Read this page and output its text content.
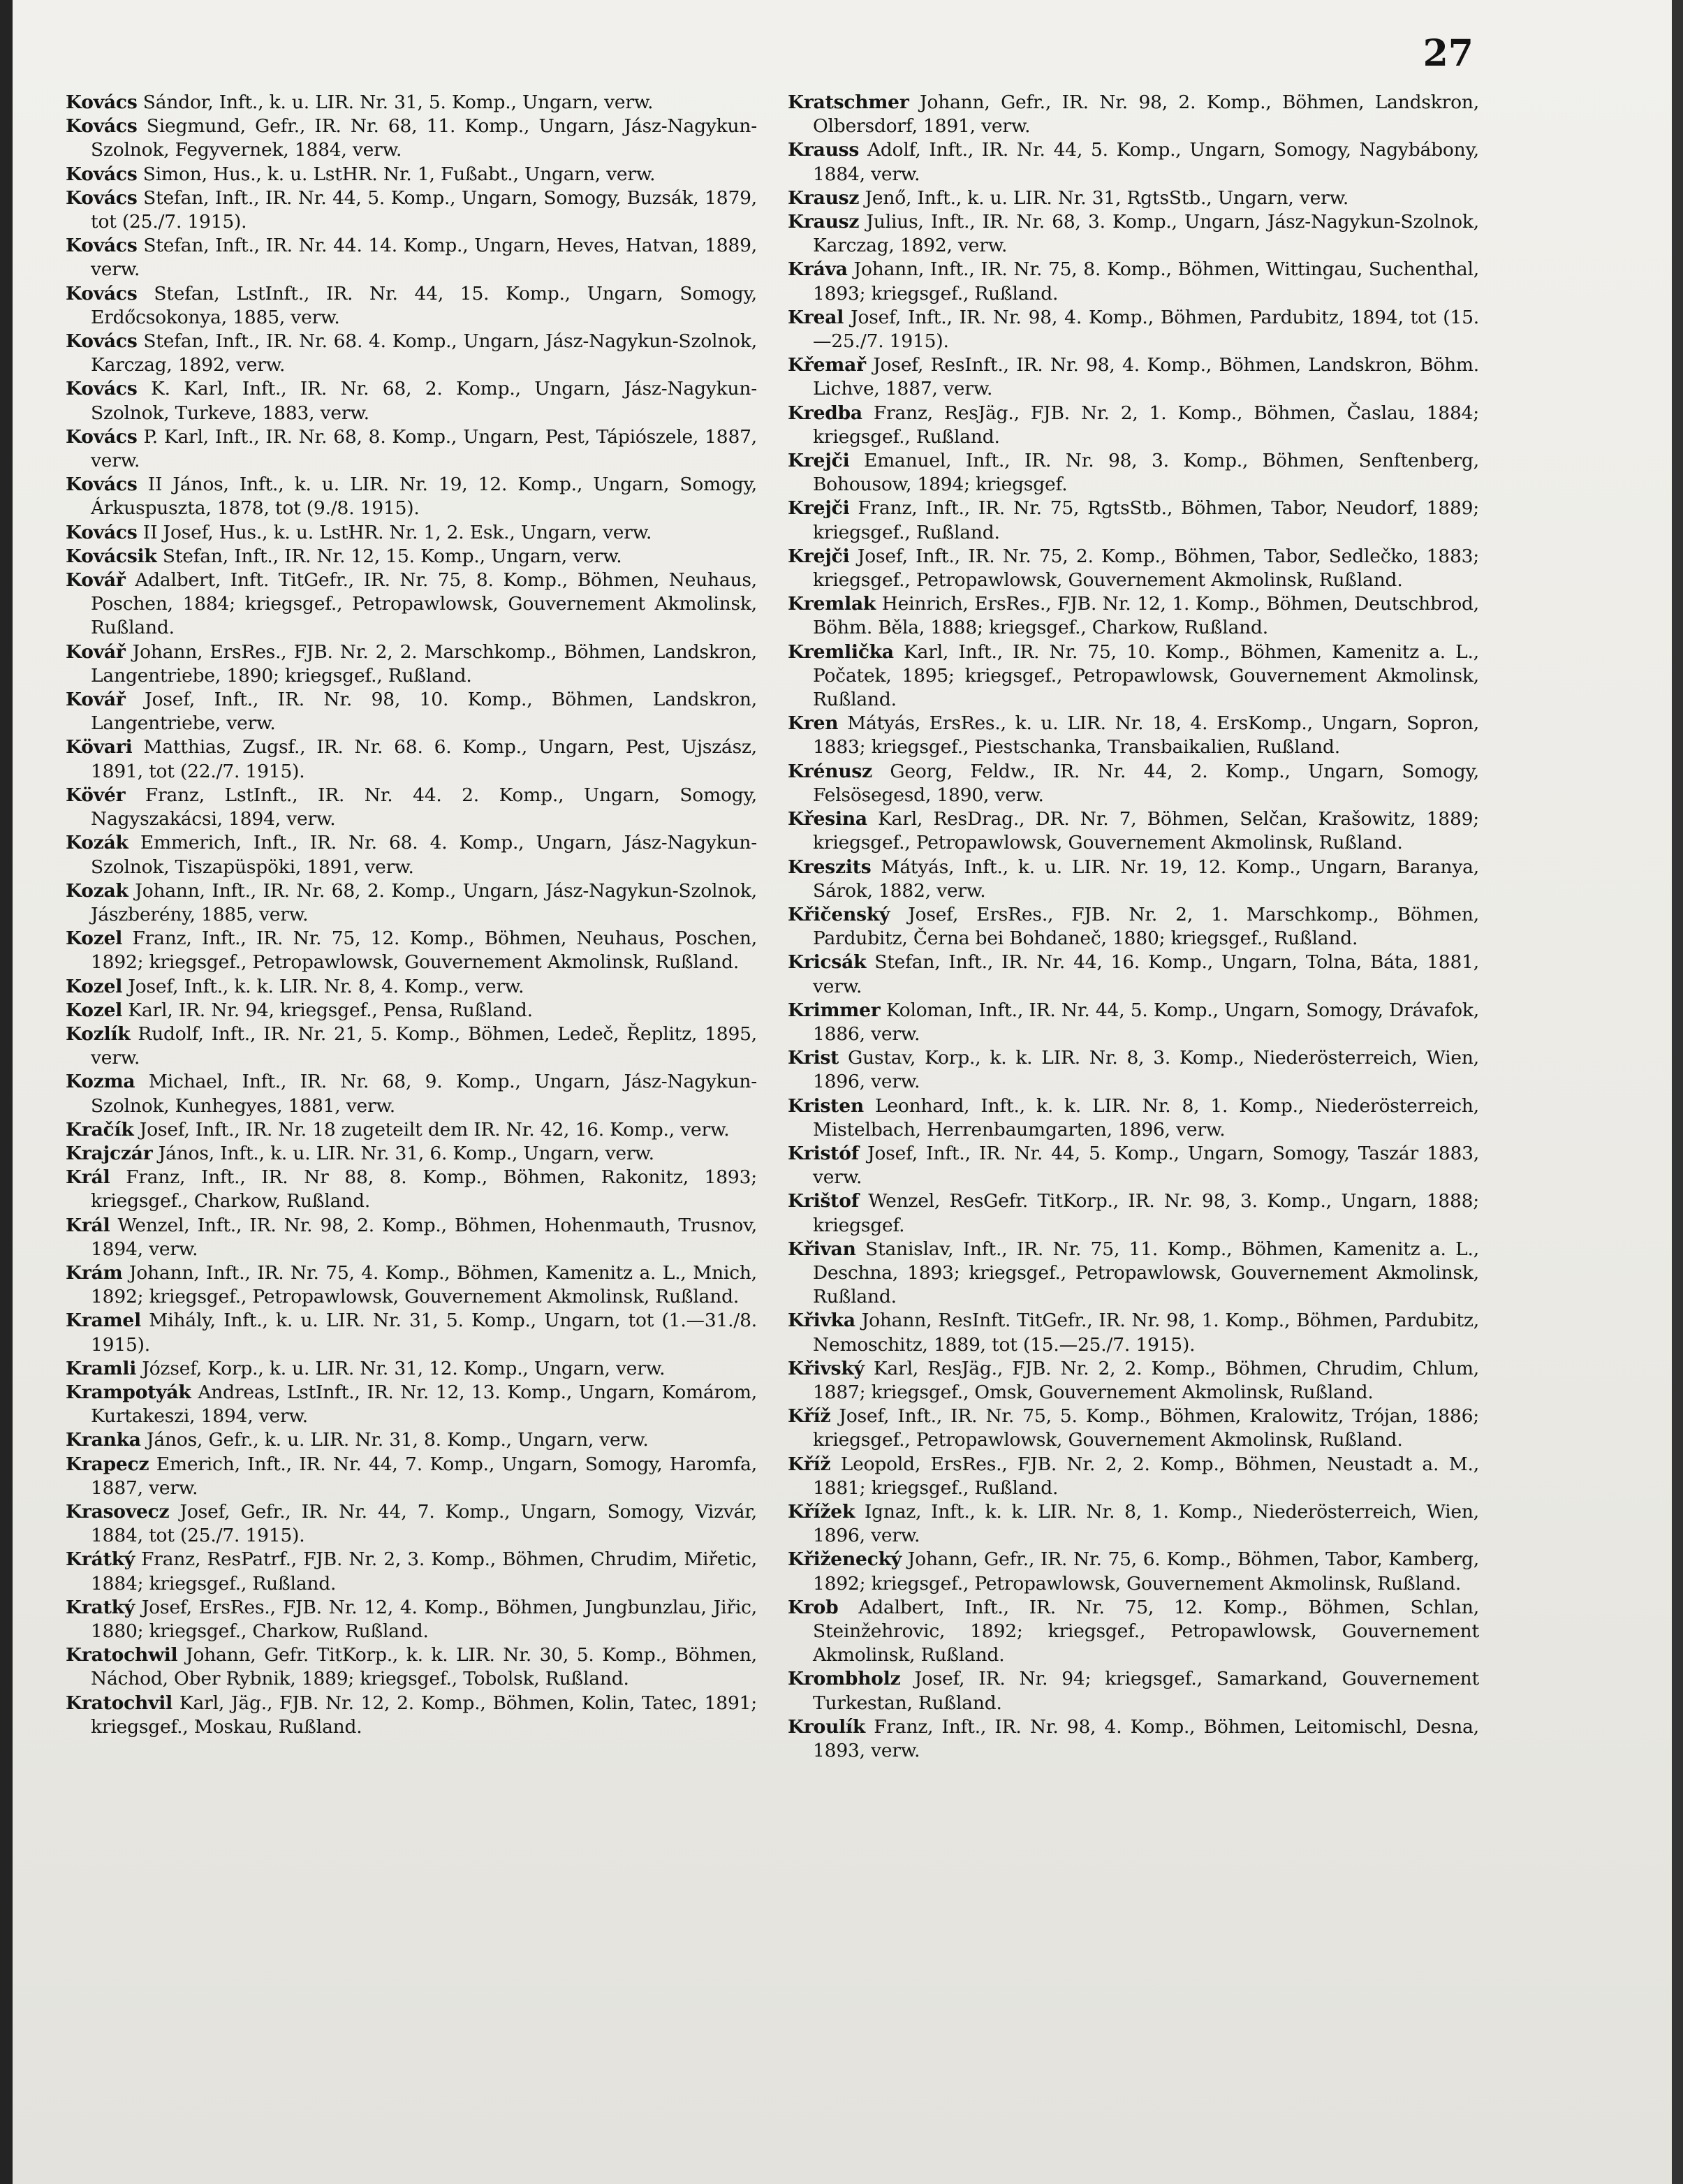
27

Kovács Sándor, Inft., k. u. LIR. Nr. 31, 5. Komp., Ungarn, verw.

Kovács Siegmund, Gefr., IR. Nr. 68, 11. Komp., Ungarn, Jász-Nagykun-Szolnok, Fegyvernek, 1884, verw.

Kovács Simon, Hus., k. u. LstHR. Nr. 1, Fußabt., Ungarn, verw.

Kovács Stefan, Inft., IR. Nr. 44, 5. Komp., Ungarn, Somogy, Buzsák, 1879, tot (25./7. 1915).

Kovács Stefan, Inft., IR. Nr. 44. 14. Komp., Ungarn, Heves, Hatvan, 1889, verw.

Kovács Stefan, LstInft., IR. Nr. 44, 15. Komp., Ungarn, Somogy, Erdőcsokonya, 1885, verw.

Kovács Stefan, Inft., IR. Nr. 68. 4. Komp., Ungarn, Jász-Nagykun-Szolnok, Karczag, 1892, verw.

Kovács K. Karl, Inft., IR. Nr. 68, 2. Komp., Ungarn, Jász-Nagykun-Szolnok, Turkeve, 1883, verw.

Kovács P. Karl, Inft., IR. Nr. 68, 8. Komp., Ungarn, Pest, Tápiószele, 1887, verw.

Kovács II János, Inft., k. u. LIR. Nr. 19, 12. Komp., Ungarn, Somogy, Árkuspuszta, 1878, tot (9./8. 1915).

Kovács II Josef, Hus., k. u. LstHR. Nr. 1, 2. Esk., Ungarn, verw.

Kovácsik Stefan, Inft., IR. Nr. 12, 15. Komp., Ungarn, verw.

Kovář Adalbert, Inft. TitGefr., IR. Nr. 75, 8. Komp., Böhmen, Neuhaus, Poschen, 1884; kriegsgef., Petropawlowsk, Gouvernement Akmolinsk, Rußland.

Kovář Johann, ErsRes., FJB. Nr. 2, 2. Marschkomp., Böhmen, Landskron, Langentriebe, 1890; kriegsgef., Rußland.

Kovář Josef, Inft., IR. Nr. 98, 10. Komp., Böhmen, Landskron, Langentriebe, verw.

Kövari Matthias, Zugsf., IR. Nr. 68. 6. Komp., Ungarn, Pest, Ujszász, 1891, tot (22./7. 1915).

Kövér Franz, LstInft., IR. Nr. 44. 2. Komp., Ungarn, Somogy, Nagyszakácsi, 1894, verw.

Kozák Emmerich, Inft., IR. Nr. 68. 4. Komp., Ungarn, Jász-Nagykun-Szolnok, Tiszapüspöki, 1891, verw.

Kozak Johann, Inft., IR. Nr. 68, 2. Komp., Ungarn, Jász-Nagykun-Szolnok, Jászberény, 1885, verw.

Kozel Franz, Inft., IR. Nr. 75, 12. Komp., Böhmen, Neuhaus, Poschen, 1892; kriegsgef., Petropawlowsk, Gouvernement Akmolinsk, Rußland.

Kozel Josef, Inft., k. k. LIR. Nr. 8, 4. Komp., verw.

Kozel Karl, IR. Nr. 94, kriegsgef., Pensa, Rußland.

Kozlík Rudolf, Inft., IR. Nr. 21, 5. Komp., Böhmen, Ledeč, Řeplitz, 1895, verw.

Kozma Michael, Inft., IR. Nr. 68, 9. Komp., Ungarn, Jász-Nagykun-Szolnok, Kunhegyes, 1881, verw.

Kračík Josef, Inft., IR. Nr. 18 zugeteilt dem IR. Nr. 42, 16. Komp., verw.

Krajczár János, Inft., k. u. LIR. Nr. 31, 6. Komp., Ungarn, verw.

Král Franz, Inft., IR. Nr 88, 8. Komp., Böhmen, Rakonitz, 1893; kriegsgef., Charkow, Rußland.

Král Wenzel, Inft., IR. Nr. 98, 2. Komp., Böhmen, Hohenmauth, Trusnov, 1894, verw.

Krám Johann, Inft., IR. Nr. 75, 4. Komp., Böhmen, Kamenitz a. L., Mnich, 1892; kriegsgef., Petropawlowsk, Gouvernement Akmolinsk, Rußland.

Kramel Mihály, Inft., k. u. LIR. Nr. 31, 5. Komp., Ungarn, tot (1.—31./8. 1915).

Kramli József, Korp., k. u. LIR. Nr. 31, 12. Komp., Ungarn, verw.

Krampotyák Andreas, LstInft., IR. Nr. 12, 13. Komp., Ungarn, Komárom, Kurtakeszi, 1894, verw.

Kranka János, Gefr., k. u. LIR. Nr. 31, 8. Komp., Ungarn, verw.

Krapecz Emerich, Inft., IR. Nr. 44, 7. Komp., Ungarn, Somogy, Haromfa, 1887, verw.

Krasovecz Josef, Gefr., IR. Nr. 44, 7. Komp., Ungarn, Somogy, Vizvár, 1884, tot (25./7. 1915).

Krátký Franz, ResPatrf., FJB. Nr. 2, 3. Komp., Böhmen, Chrudim, Miřetic, 1884; kriegsgef., Rußland.

Kratký Josef, ErsRes., FJB. Nr. 12, 4. Komp., Böhmen, Jungbunzlau, Jiřic, 1880; kriegsgef., Charkow, Rußland.

Kratochwil Johann, Gefr. TitKorp., k. k. LIR. Nr. 30, 5. Komp., Böhmen, Náchod, Ober Rybnik, 1889; kriegsgef., Tobolsk, Rußland.

Kratochvil Karl, Jäg., FJB. Nr. 12, 2. Komp., Böhmen, Kolin, Tatec, 1891; kriegsgef., Moskau, Rußland.

Kratschmer Johann, Gefr., IR. Nr. 98, 2. Komp., Böhmen, Landskron, Olbersdorf, 1891, verw.

Krauss Adolf, Inft., IR. Nr. 44, 5. Komp., Ungarn, Somogy, Nagybábony, 1884, verw.

Krausz Jenő, Inft., k. u. LIR. Nr. 31, RgtsStb., Ungarn, verw.

Krausz Julius, Inft., IR. Nr. 68, 3. Komp., Ungarn, Jász-Nagykun-Szolnok, Karczag, 1892, verw.

Kráva Johann, Inft., IR. Nr. 75, 8. Komp., Böhmen, Wittingau, Suchenthal, 1893; kriegsgef., Rußland.

Kreal Josef, Inft., IR. Nr. 98, 4. Komp., Böhmen, Pardubitz, 1894, tot (15.—25./7. 1915).

Křemař Josef, ResInft., IR. Nr. 98, 4. Komp., Böhmen, Landskron, Böhm. Lichve, 1887, verw.

Kredba Franz, ResJäg., FJB. Nr. 2, 1. Komp., Böhmen, Časlau, 1884; kriegsgef., Rußland.

Krejči Emanuel, Inft., IR. Nr. 98, 3. Komp., Böhmen, Senftenberg, Bohousow, 1894; kriegsgef.

Krejči Franz, Inft., IR. Nr. 75, RgtsStb., Böhmen, Tabor, Neudorf, 1889; kriegsgef., Rußland.

Krejči Josef, Inft., IR. Nr. 75, 2. Komp., Böhmen, Tabor, Sedlečko, 1883; kriegsgef., Petropawlowsk, Gouvernement Akmolinsk, Rußland.

Kremlak Heinrich, ErsRes., FJB. Nr. 12, 1. Komp., Böhmen, Deutschbrod, Böhm. Běla, 1888; kriegsgef., Charkow, Rußland.

Kremlička Karl, Inft., IR. Nr. 75, 10. Komp., Böhmen, Kamenitz a. L., Počatek, 1895; kriegsgef., Petropawlowsk, Gouvernement Akmolinsk, Rußland.

Kren Mátyás, ErsRes., k. u. LIR. Nr. 18, 4. ErsKomp., Ungarn, Sopron, 1883; kriegsgef., Piestschanka, Transbaikalien, Rußland.

Krénusz Georg, Feldw., IR. Nr. 44, 2. Komp., Ungarn, Somogy, Felsösegesd, 1890, verw.

Křesina Karl, ResDrag., DR. Nr. 7, Böhmen, Selčan, Krašowitz, 1889; kriegsgef., Petropawlowsk, Gouvernement Akmolinsk, Rußland.

Kreszits Mátyás, Inft., k. u. LIR. Nr. 19, 12. Komp., Ungarn, Baranya, Sárok, 1882, verw.

Křičenský Josef, ErsRes., FJB. Nr. 2, 1. Marschkomp., Böhmen, Pardubitz, Černa bei Bohdaneč, 1880; kriegsgef., Rußland.

Kricsák Stefan, Inft., IR. Nr. 44, 16. Komp., Ungarn, Tolna, Báta, 1881, verw.

Krimmer Koloman, Inft., IR. Nr. 44, 5. Komp., Ungarn, Somogy, Drávafok, 1886, verw.

Krist Gustav, Korp., k. k. LIR. Nr. 8, 3. Komp., Niederösterreich, Wien, 1896, verw.

Kristen Leonhard, Inft., k. k. LIR. Nr. 8, 1. Komp., Niederösterreich, Mistelbach, Herrenbaumgarten, 1896, verw.

Kristóf Josef, Inft., IR. Nr. 44, 5. Komp., Ungarn, Somogy, Taszár 1883, verw.

Krištof Wenzel, ResGefr. TitKorp., IR. Nr. 98, 3. Komp., Ungarn, 1888; kriegsgef.

Křivan Stanislav, Inft., IR. Nr. 75, 11. Komp., Böhmen, Kamenitz a. L., Deschna, 1893; kriegsgef., Petropawlowsk, Gouvernement Akmolinsk, Rußland.

Křivka Johann, ResInft. TitGefr., IR. Nr. 98, 1. Komp., Böhmen, Pardubitz, Nemoschitz, 1889, tot (15.—25./7. 1915).

Křivský Karl, ResJäg., FJB. Nr. 2, 2. Komp., Böhmen, Chrudim, Chlum, 1887; kriegsgef., Omsk, Gouvernement Akmolinsk, Rußland.

Kříž Josef, Inft., IR. Nr. 75, 5. Komp., Böhmen, Kralowitz, Trójan, 1886; kriegsgef., Petropawlowsk, Gouvernement Akmolinsk, Rußland.

Kříž Leopold, ErsRes., FJB. Nr. 2, 2. Komp., Böhmen, Neustadt a. M., 1881; kriegsgef., Rußland.

Křížek Ignaz, Inft., k. k. LIR. Nr. 8, 1. Komp., Niederösterreich, Wien, 1896, verw.

Křiženecký Johann, Gefr., IR. Nr. 75, 6. Komp., Böhmen, Tabor, Kamberg, 1892; kriegsgef., Petropawlowsk, Gouvernement Akmolinsk, Rußland.

Krob Adalbert, Inft., IR. Nr. 75, 12. Komp., Böhmen, Schlan, Steinžehrovic, 1892; kriegsgef., Petropawlowsk, Gouvernement Akmolinsk, Rußland.

Krombholz Josef, IR. Nr. 94; kriegsgef., Samarkand, Gouvernement Turkestan, Rußland.

Kroulík Franz, Inft., IR. Nr. 98, 4. Komp., Böhmen, Leitomischl, Desna, 1893, verw.
